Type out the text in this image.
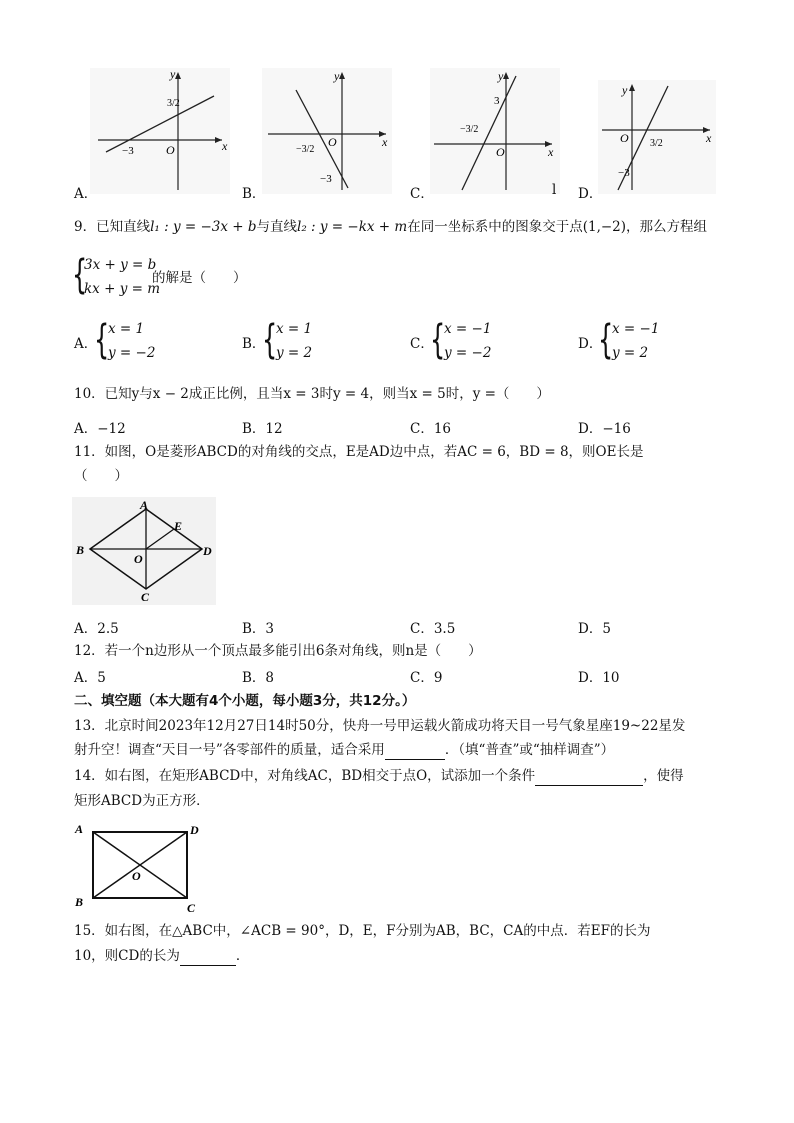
x
y
O
3/2
−3
x
y
O
−3/2
−3
x
y
O
3
−3/2
x
y
O 3/2
−3
A．	B．	C．	l D．
9．已知直线l₁ : y = −3x + b与直线l₂ : y = −kx + m在同一坐标系中的图象交于点(1,−2)，那么方程组
{
3x + y = b
kx + y = m
的解是（　　）
A．
{
x = 1
y = −2
B．
{
x = 1
y = 2
C．
{
x = −1
y = −2
D．
{
x = −1
y = 2
10．已知y与x − 2成正比例，且当x = 3时y = 4，则当x = 5时，y =（　　）
A．−12	B．12	C．16	D．−16
11．如图，O是菱形ABCD的对角线的交点，E是AD边中点，若AC = 6，BD = 8，则OE长是
（　　）
A
B
C
D
E
O
A．2.5	B．3	C．3.5	D．5
12．若一个n边形从一个顶点最多能引出6条对角线，则n是（　　）
A．5	B．8	C．9	D．10
二、填空题（本大题有4个小题，每小题3分，共12分。）
13．北京时间2023年12月27日14时50分，快舟一号甲运载火箭成功将天目一号气象星座19~22星发
射升空！调查“天目一号”各零部件的质量，适合采用	．（填“普查”或“抽样调查”）
14．如右图，在矩形ABCD中，对角线AC，BD相交于点O，试添加一个条件	，使得
矩形ABCD为正方形．
A	D
B	C
O
15．如右图，在△ABC中，∠ACB = 90°，D，E，F分别为AB，BC，CA的中点．若EF的长为
10，则CD的长为	．
